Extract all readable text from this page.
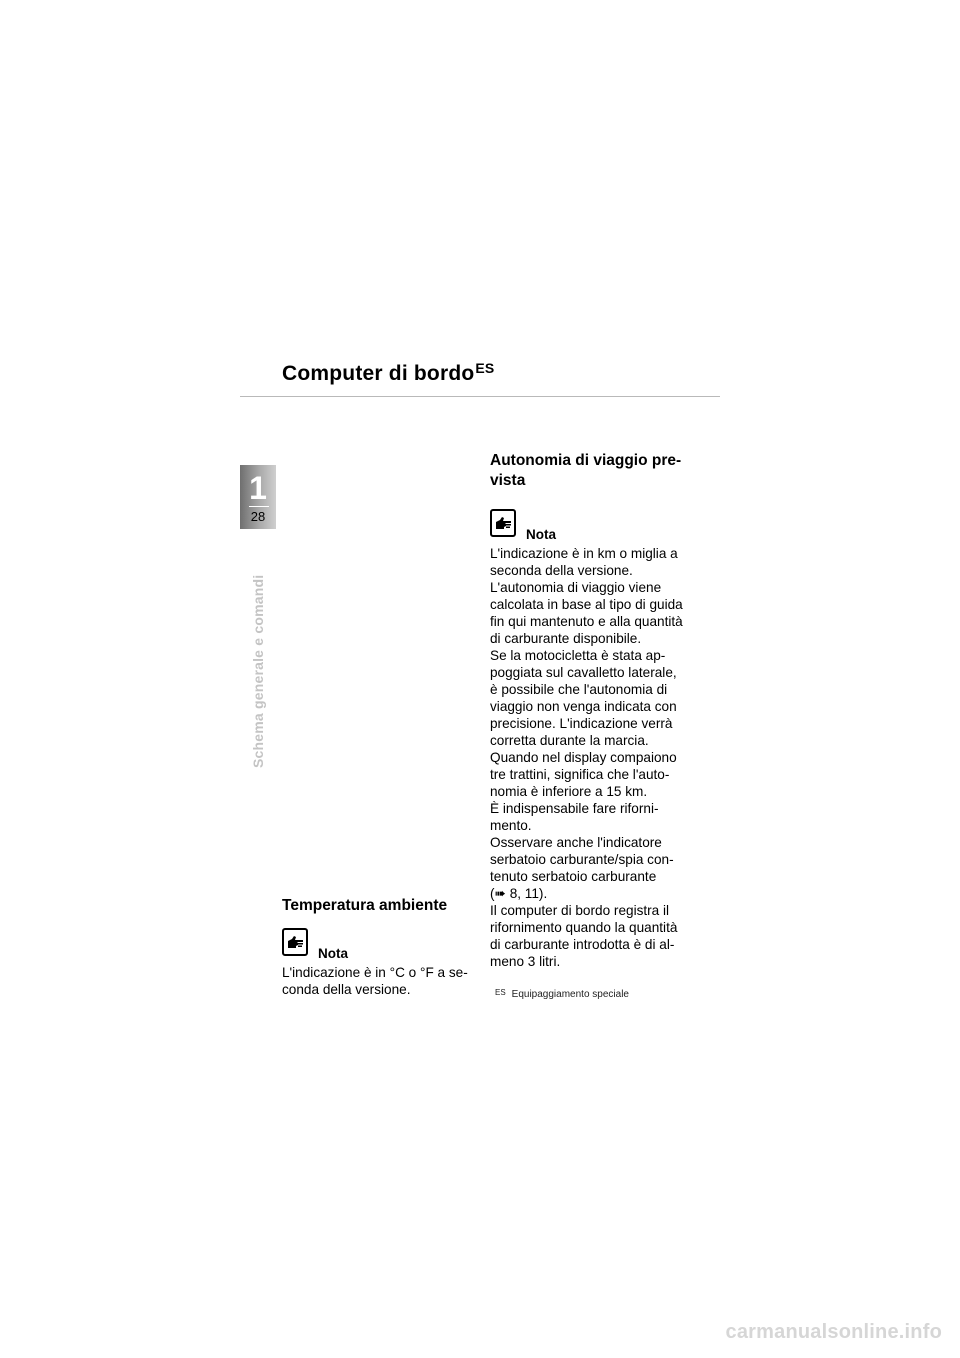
Computer di bordo$^{ES}$
1
28
Schema generale e comandi
Temperatura ambiente
Nota

L'indicazione è in °C o °F a se-
conda della versione.

Autonomia di viaggio pre-
vista
Nota

L'indicazione è in km o miglia a
seconda della versione.
L'autonomia di viaggio viene
calcolata in base al tipo di guida
fin qui mantenuto e alla quantità
di carburante disponibile.
Se la motocicletta è stata ap-
poggiata sul cavalletto laterale,
è possibile che l'autonomia di
viaggio non venga indicata con
precisione. L'indicazione verrà
corretta durante la marcia.
Quando nel display compaiono
tre trattini, significa che l'auto-
nomia è inferiore a 15 km.
È indispensabile fare riforni-
mento.
Osservare anche l'indicatore
serbatoio carburante/spia con-
tenuto serbatoio carburante
(➠ 8, 11).
Il computer di bordo registra il
rifornimento quando la quantità
di carburante introdotta è di al-
meno 3 litri.

$^{ES}$ Equipaggiamento speciale
carmanualsonline.info
